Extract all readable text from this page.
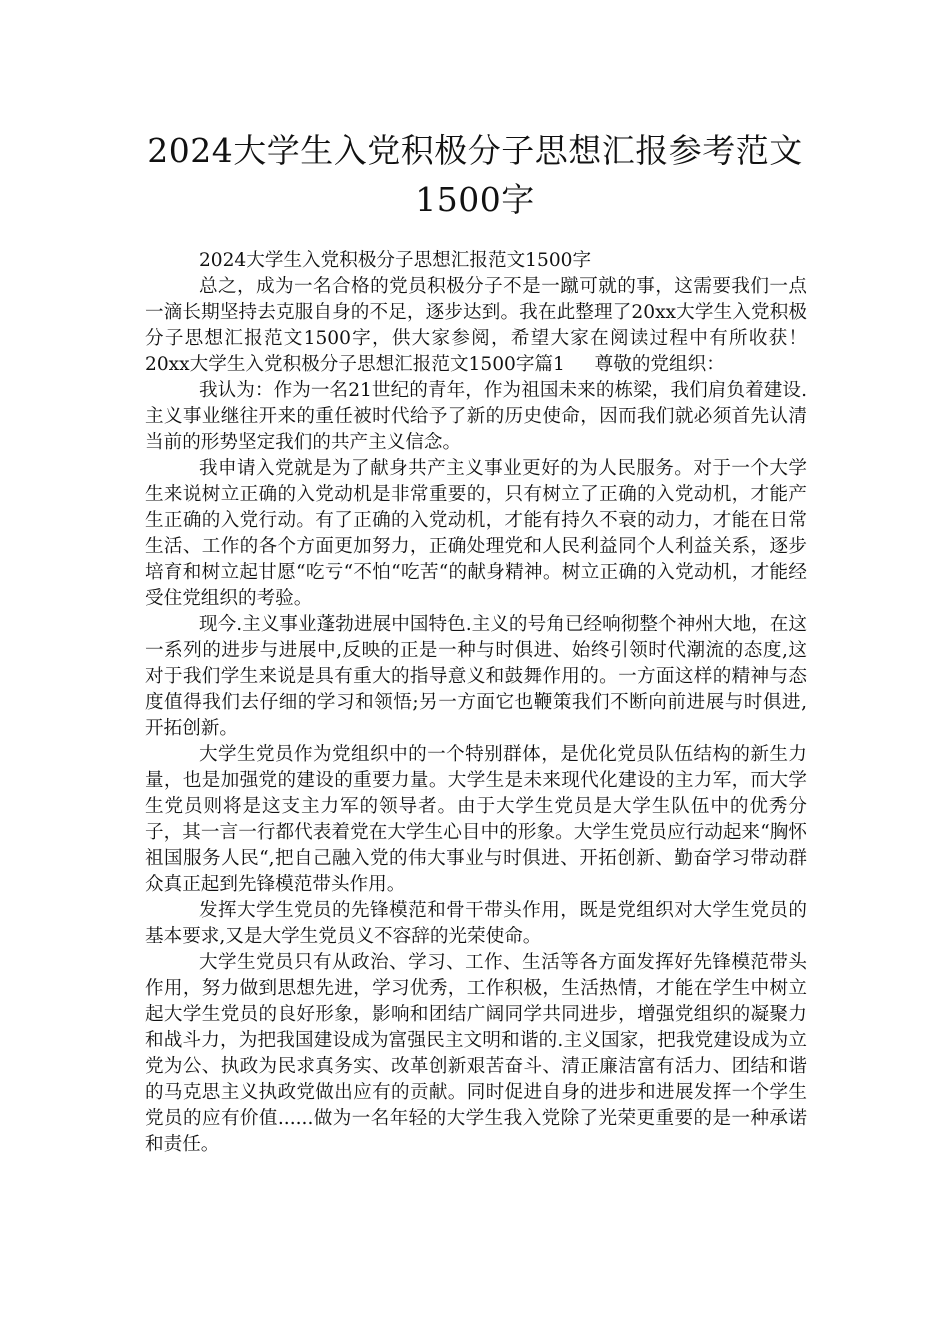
2024大学生入党积极分子思想汇报参考范文1500字

2024大学生入党积极分子思想汇报范文1500字

总之，成为一名合格的党员积极分子不是一蹴可就的事，这需要我们一点一滴长期坚持去克服自身的不足，逐步达到。我在此整理了20xx大学生入党积极分子思想汇报范文1500字，供大家参阅，希望大家在阅读过程中有所收获！20xx大学生入党积极分子思想汇报范文1500字篇1 尊敬的党组织：

我认为：作为一名21世纪的青年，作为祖国未来的栋梁，我们肩负着建设.主义事业继往开来的重任被时代给予了新的历史使命，因而我们就必须首先认清当前的形势坚定我们的共产主义信念。

我申请入党就是为了献身共产主义事业更好的为人民服务。对于一个大学生来说树立正确的入党动机是非常重要的，只有树立了正确的入党动机，才能产生正确的入党行动。有了正确的入党动机，才能有持久不衰的动力，才能在日常生活、工作的各个方面更加努力，正确处理党和人民利益同个人利益关系，逐步培育和树立起甘愿“吃亏“不怕“吃苦“的献身精神。树立正确的入党动机，才能经受住党组织的考验。

现今.主义事业蓬勃进展中国特色.主义的号角已经响彻整个神州大地，在这一系列的进步与进展中,反映的正是一种与时俱进、始终引领时代潮流的态度,这对于我们学生来说是具有重大的指导意义和鼓舞作用的。一方面这样的精神与态度值得我们去仔细的学习和领悟;另一方面它也鞭策我们不断向前进展与时俱进,开拓创新。

大学生党员作为党组织中的一个特别群体，是优化党员队伍结构的新生力量，也是加强党的建设的重要力量。大学生是未来现代化建设的主力军，而大学生党员则将是这支主力军的领导者。由于大学生党员是大学生队伍中的优秀分子，其一言一行都代表着党在大学生心目中的形象。大学生党员应行动起来“胸怀祖国服务人民“,把自己融入党的伟大事业与时俱进、开拓创新、勤奋学习带动群众真正起到先锋模范带头作用。

发挥大学生党员的先锋模范和骨干带头作用，既是党组织对大学生党员的基本要求,又是大学生党员义不容辞的光荣使命。

大学生党员只有从政治、学习、工作、生活等各方面发挥好先锋模范带头作用，努力做到思想先进，学习优秀，工作积极，生活热情，才能在学生中树立起大学生党员的良好形象，影响和团结广阔同学共同进步，增强党组织的凝聚力和战斗力，为把我国建设成为富强民主文明和谐的.主义国家，把我党建设成为立党为公、执政为民求真务实、改革创新艰苦奋斗、清正廉洁富有活力、团结和谐的马克思主义执政党做出应有的贡献。同时促进自身的进步和进展发挥一个学生党员的应有价值......做为一名年轻的大学生我入党除了光荣更重要的是一种承诺和责任。
